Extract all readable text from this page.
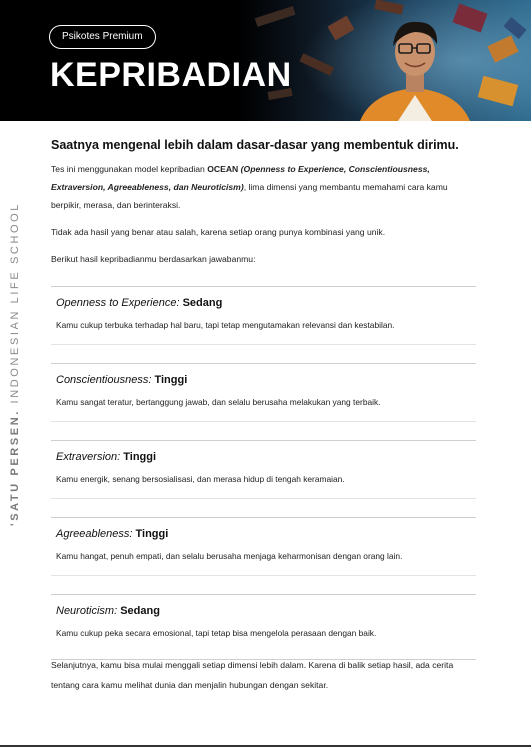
Psikotes Premium
KEPRIBADIAN
'SATU PERSEN. INDONESIAN LIFE SCHOOL

Saatnya mengenal lebih dalam dasar-dasar yang membentuk dirimu.

Tes ini menggunakan model kepribadian OCEAN (Openness to Experience, Conscientiousness, Extraversion, Agreeableness, dan Neuroticism), lima dimensi yang membantu memahami cara kamu berpikir, merasa, dan berinteraksi.

Tidak ada hasil yang benar atau salah, karena setiap orang punya kombinasi yang unik.

Berikut hasil kepribadianmu berdasarkan jawabanmu:

Openness to Experience: Sedang
Kamu cukup terbuka terhadap hal baru, tapi tetap mengutamakan relevansi dan kestabilan.
Conscientiousness: Tinggi
Kamu sangat teratur, bertanggung jawab, dan selalu berusaha melakukan yang terbaik.
Extraversion: Tinggi
Kamu energik, senang bersosialisasi, dan merasa hidup di tengah keramaian.
Agreeableness: Tinggi
Kamu hangat, penuh empati, dan selalu berusaha menjaga keharmonisan dengan orang lain.
Neuroticism: Sedang
Kamu cukup peka secara emosional, tapi tetap bisa mengelola perasaan dengan baik.

Selanjutnya, kamu bisa mulai menggali setiap dimensi lebih dalam. Karena di balik setiap hasil, ada cerita tentang cara kamu melihat dunia dan menjalin hubungan dengan sekitar.
